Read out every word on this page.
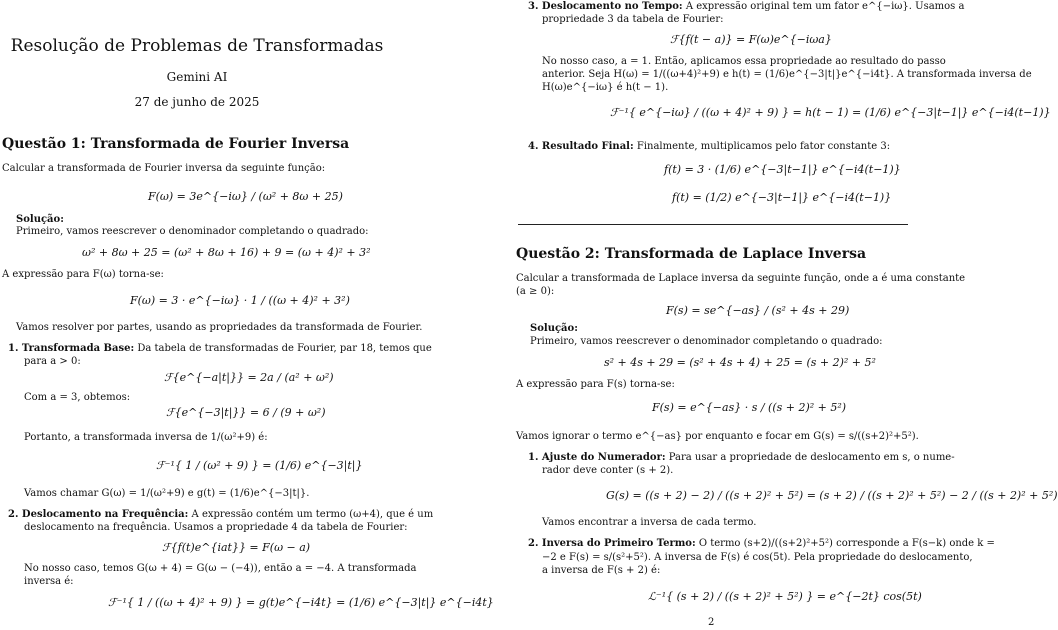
Resolução de Problemas de Transformadas
Gemini AI
27 de junho de 2025
Questão 1: Transformada de Fourier Inversa
Calcular a transformada de Fourier inversa da seguinte função:
F(ω) = 3e^{−iω} / (ω² + 8ω + 25)
Solução:
Primeiro, vamos reescrever o denominador completando o quadrado:
ω² + 8ω + 25 = (ω² + 8ω + 16) + 9 = (ω + 4)² + 3²
A expressão para F(ω) torna-se:
F(ω) = 3 · e^{−iω} · 1 / ((ω + 4)² + 3²)
Vamos resolver por partes, usando as propriedades da transformada de Fourier.
1. Transformada Base: Da tabela de transformadas de Fourier, par 18, temos que
para a > 0:
ℱ{e^{−a|t|}} = 2a / (a² + ω²)
Com a = 3, obtemos:
ℱ{e^{−3|t|}} = 6 / (9 + ω²)
Portanto, a transformada inversa de 1/(ω²+9) é:
ℱ⁻¹{ 1 / (ω² + 9) } = (1/6) e^{−3|t|}
Vamos chamar G(ω) = 1/(ω²+9) e g(t) = (1/6)e^{−3|t|}.
2. Deslocamento na Frequência: A expressão contém um termo (ω+4), que é um
deslocamento na frequência. Usamos a propriedade 4 da tabela de Fourier:
ℱ{f(t)e^{iat}} = F(ω − a)
No nosso caso, temos G(ω + 4) = G(ω − (−4)), então a = −4. A transformada
inversa é:
ℱ⁻¹{ 1 / ((ω + 4)² + 9) } = g(t)e^{−i4t} = (1/6) e^{−3|t|} e^{−i4t}
3. Deslocamento no Tempo: A expressão original tem um fator e^{−iω}. Usamos a
propriedade 3 da tabela de Fourier:
ℱ{f(t − a)} = F(ω)e^{−iωa}
No nosso caso, a = 1. Então, aplicamos essa propriedade ao resultado do passo
anterior. Seja H(ω) = 1/((ω+4)²+9) e h(t) = (1/6)e^{−3|t|}e^{−i4t}. A transformada inversa de
H(ω)e^{−iω} é h(t − 1).
ℱ⁻¹{ e^{−iω} / ((ω + 4)² + 9) } = h(t − 1) = (1/6) e^{−3|t−1|} e^{−i4(t−1)}
4. Resultado Final: Finalmente, multiplicamos pelo fator constante 3:
f(t) = 3 · (1/6) e^{−3|t−1|} e^{−i4(t−1)}
f(t) = (1/2) e^{−3|t−1|} e^{−i4(t−1)}
Questão 2: Transformada de Laplace Inversa
Calcular a transformada de Laplace inversa da seguinte função, onde a é uma constante
(a ≥ 0):
F(s) = se^{−as} / (s² + 4s + 29)
Solução:
Primeiro, vamos reescrever o denominador completando o quadrado:
s² + 4s + 29 = (s² + 4s + 4) + 25 = (s + 2)² + 5²
A expressão para F(s) torna-se:
F(s) = e^{−as} · s / ((s + 2)² + 5²)
Vamos ignorar o termo e^{−as} por enquanto e focar em G(s) = s/((s+2)²+5²).
1. Ajuste do Numerador: Para usar a propriedade de deslocamento em s, o nume-
rador deve conter (s + 2).
G(s) = ((s + 2) − 2) / ((s + 2)² + 5²) = (s + 2) / ((s + 2)² + 5²) − 2 / ((s + 2)² + 5²)
Vamos encontrar a inversa de cada termo.
2. Inversa do Primeiro Termo: O termo (s+2)/((s+2)²+5²) corresponde a F(s−k) onde k =
−2 e F(s) = s/(s²+5²). A inversa de F(s) é cos(5t). Pela propriedade do deslocamento,
a inversa de F(s + 2) é:
ℒ⁻¹{ (s + 2) / ((s + 2)² + 5²) } = e^{−2t} cos(5t)
2
